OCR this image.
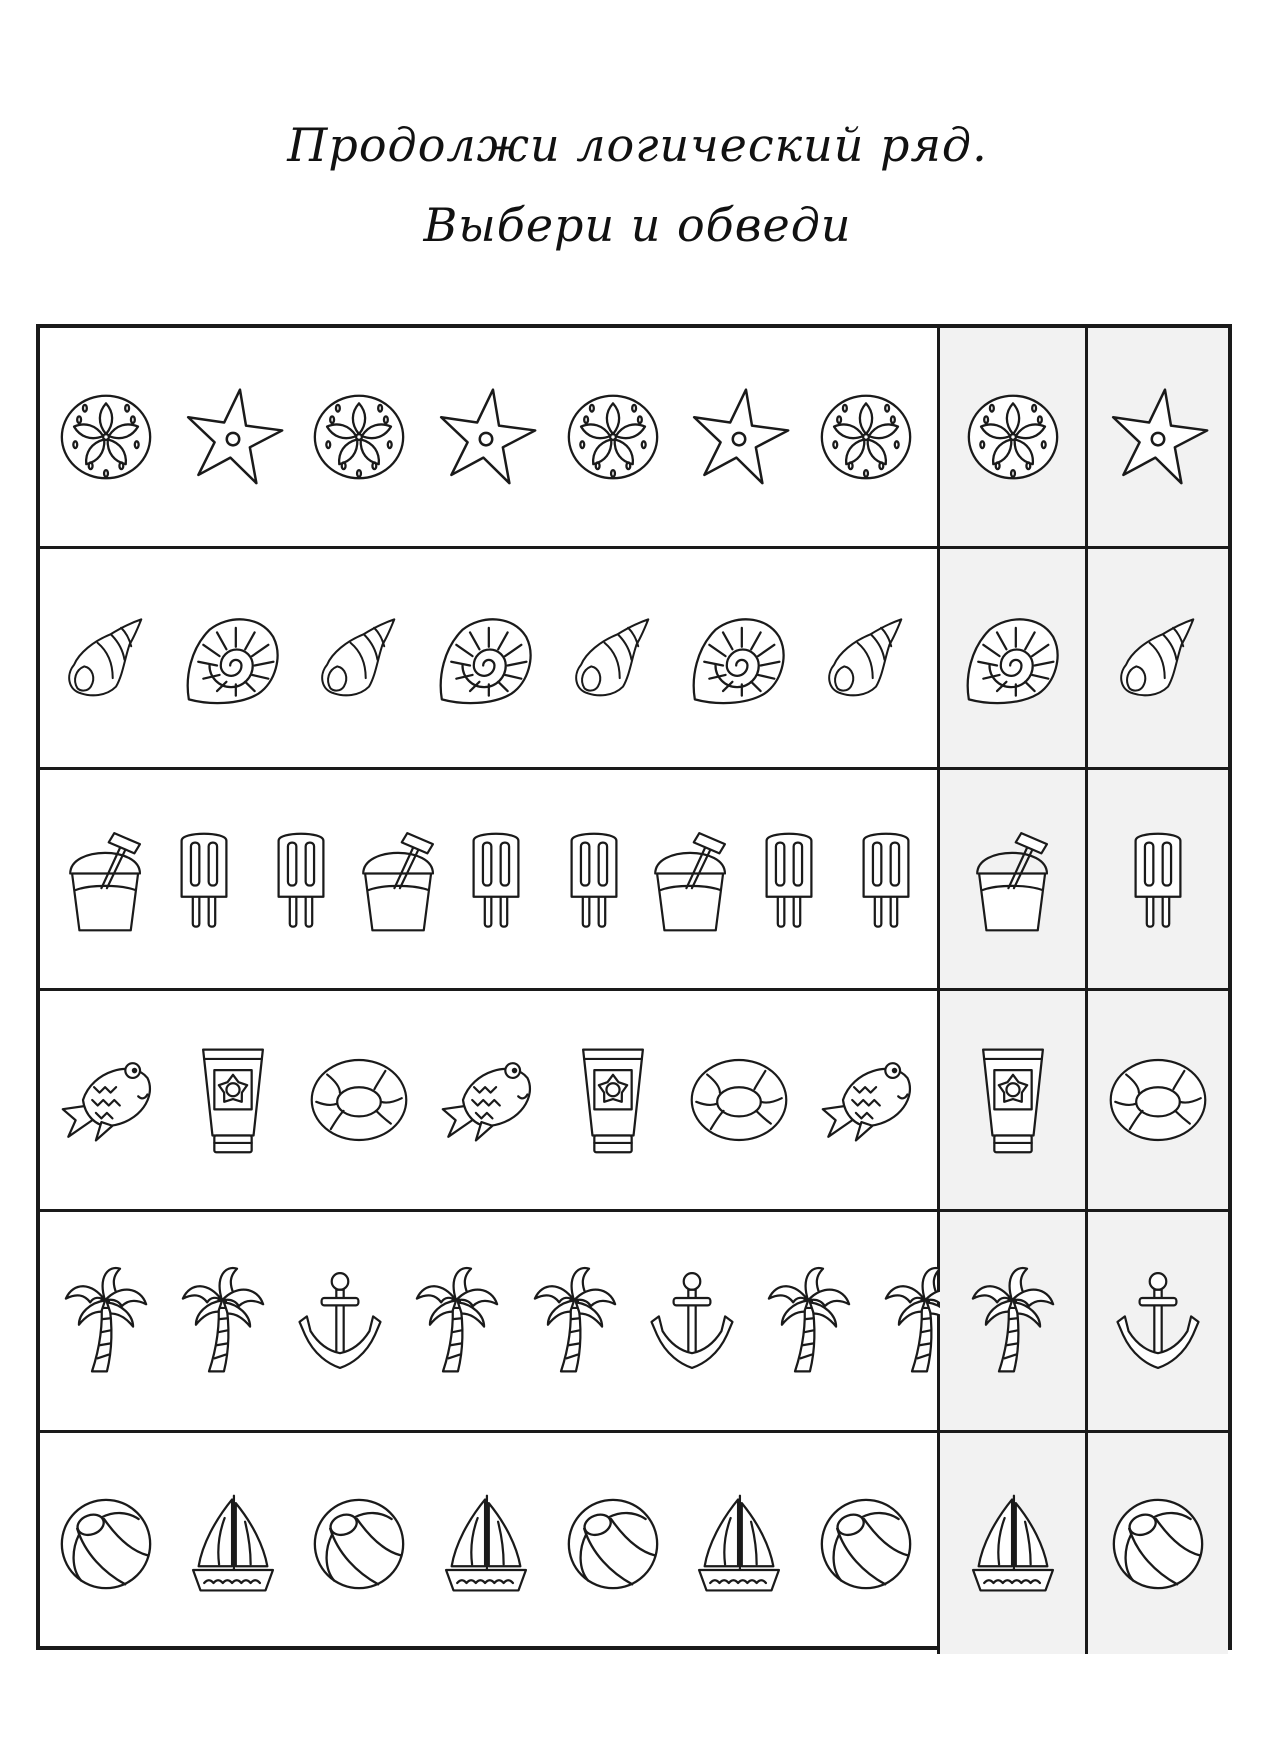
Продолжи логический ряд.
Выбери и обведи
